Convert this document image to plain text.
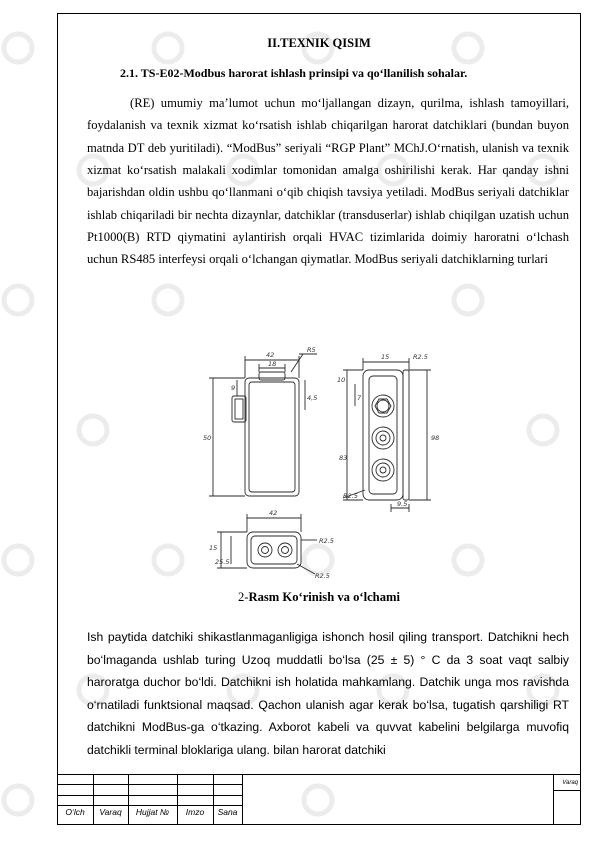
II.TEXNIK QISIM
2.1. TS-E02-Modbus harorat ishlash prinsipi va qo‘llanilish sohalar.

(RE) umumiy ma’lumot uchun mo‘ljallangan dizayn, qurilma, ishlash tamoyillari, foydalanish va texnik xizmat ko‘rsatish ishlab chiqarilgan harorat datchiklari (bundan buyon matnda DT deb yuritiladi). “ModBus” seriyali “RGP Plant” MChJ.O‘rnatish, ulanish va texnik xizmat ko‘rsatish malakali xodimlar tomonidan amalga oshirilishi kerak. Har qanday ishni bajarishdan oldin ushbu qo‘llanmani o‘qib chiqish tavsiya yetiladi. ModBus seriyali datchiklar ishlab chiqariladi bir nechta dizaynlar, datchiklar (transduserlar) ishlab chiqilgan uzatish uchun Pt1000(B) RTD qiymatini aylantirish orqali HVAC tizimlarida doimiy haroratni o‘lchash uchun RS485 interfeysi orqali o‘lchangan qiymatlar. ModBus seriyali datchiklarning turlari

42
18
R5
9
4,5
50
15	R2.5
10
7
83
98
R2.5
9.5
42
15
25.5
R2.5
R2.5
2-Rasm Ko‘rinish va o‘lchami

Ish paytida datchiki shikastlanmaganligiga ishonch hosil qiling transport. Datchikni hech bo‘lmaganda ushlab turing Uzoq muddatli bo‘lsa (25 ± 5) ° C da 3 soat vaqt salbiy haroratga duchor bo‘ldi. Datchikni ish holatida mahkamlang. Datchik unga mos ravishda o‘rnatiladi funktsional maqsad. Qachon ulanish agar kerak bo‘lsa, tugatish qarshiligi RT datchikni ModBus-ga o‘tkazing. Axborot kabeli va quvvat kabelini belgilarga muvofiq datchikli terminal bloklariga ulang. bilan harorat datchiki

O‘lch	Varaq	Hujjat №	Imzo	Sana
Varaq
